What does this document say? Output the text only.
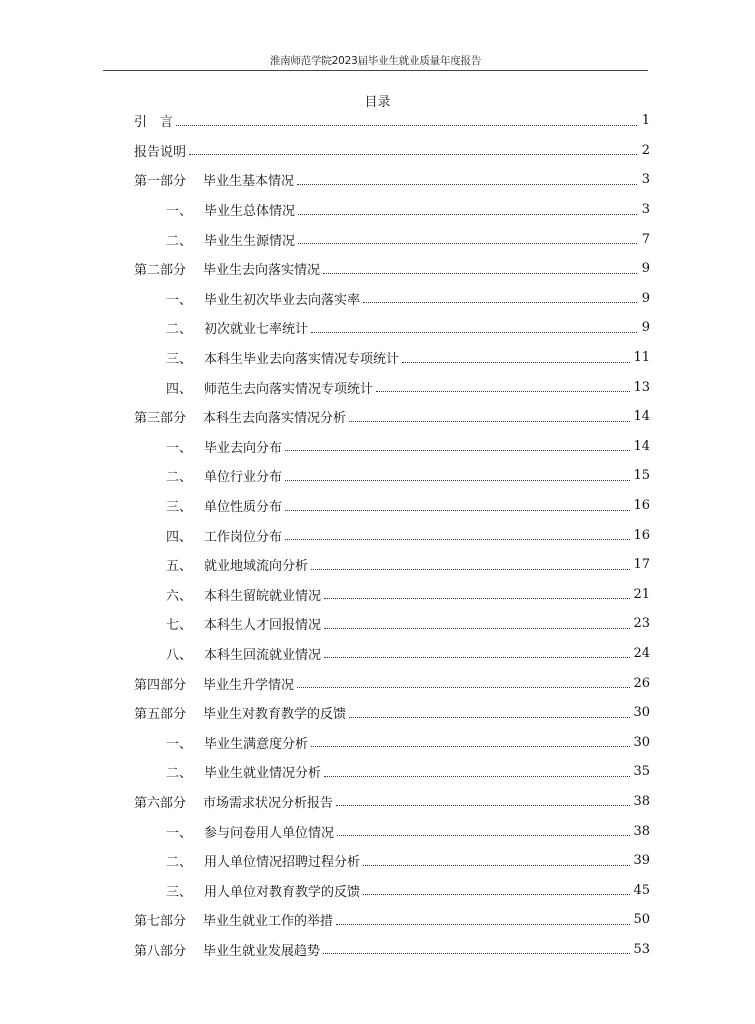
淮南师范学院2023届毕业生就业质量年度报告
目录
引　言	1
报告说明	2
第一部分 毕业生基本情况	3
一、 毕业生总体情况	3
二、 毕业生生源情况	7
第二部分 毕业生去向落实情况	9
一、 毕业生初次毕业去向落实率	9
二、 初次就业七率统计	9
三、 本科生毕业去向落实情况专项统计	11
四、 师范生去向落实情况专项统计	13
第三部分 本科生去向落实情况分析	14
一、 毕业去向分布	14
二、 单位行业分布	15
三、 单位性质分布	16
四、 工作岗位分布	16
五、 就业地域流向分析	17
六、 本科生留皖就业情况	21
七、 本科生人才回报情况	23
八、 本科生回流就业情况	24
第四部分 毕业生升学情况	26
第五部分 毕业生对教育教学的反馈	30
一、 毕业生满意度分析	30
二、 毕业生就业情况分析	35
第六部分 市场需求状况分析报告	38
一、 参与问卷用人单位情况	38
二、 用人单位情况招聘过程分析	39
三、 用人单位对教育教学的反馈	45
第七部分 毕业生就业工作的举措	50
第八部分 毕业生就业发展趋势	53
